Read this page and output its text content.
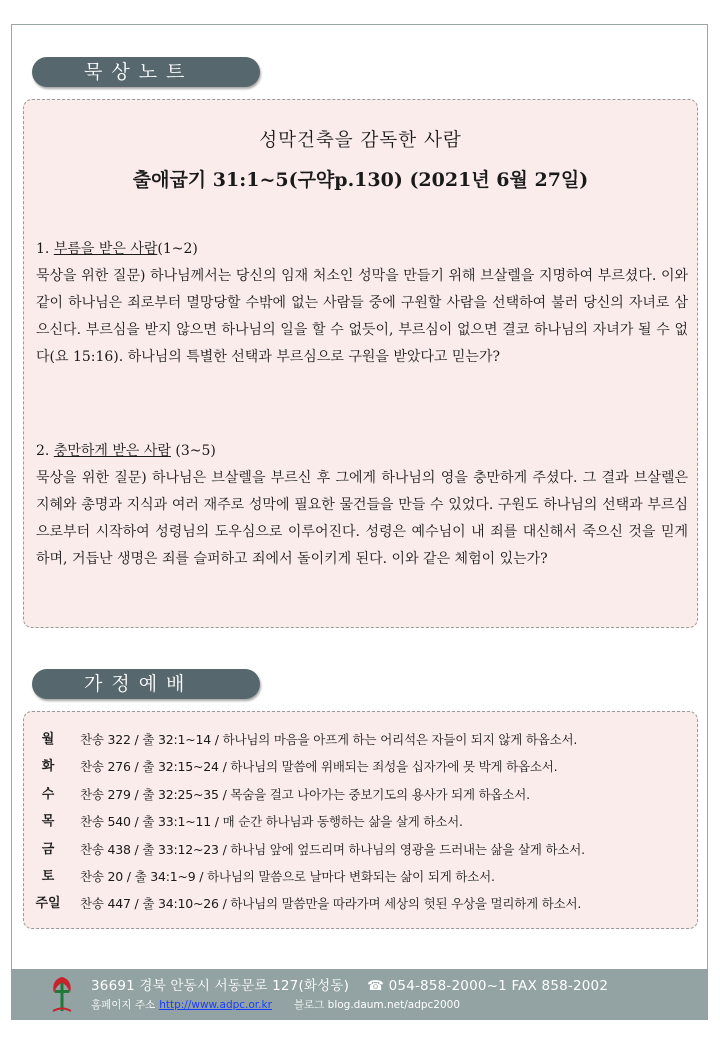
묵상노트
성막건축을 감독한 사람
출애굽기 31:1~5(구약p.130) (2021년 6월 27일)
1. 부름을 받은 사람(1~2)
묵상을 위한 질문) 하나님께서는 당신의 임재 처소인 성막을 만들기 위해 브살렐을 지명하여 부르셨다. 이와 같이 하나님은 죄로부터 멸망당할 수밖에 없는 사람들 중에 구원할 사람을 선택하여 불러 당신의 자녀로 삼으신다. 부르심을 받지 않으면 하나님의 일을 할 수 없듯이, 부르심이 없으면 결코 하나님의 자녀가 될 수 없다(요 15:16). 하나님의 특별한 선택과 부르심으로 구원을 받았다고 믿는가?
2. 충만하게 받은 사람 (3~5)
묵상을 위한 질문) 하나님은 브살렐을 부르신 후 그에게 하나님의 영을 충만하게 주셨다. 그 결과 브살렐은 지혜와 총명과 지식과 여러 재주로 성막에 필요한 물건들을 만들 수 있었다. 구원도 하나님의 선택과 부르심으로부터 시작하여 성령님의 도우심으로 이루어진다. 성령은 예수님이 내 죄를 대신해서 죽으신 것을 믿게 하며, 거듭난 생명은 죄를 슬퍼하고 죄에서 돌이키게 된다. 이와 같은 체험이 있는가?
가정예배
월	찬송 322 / 출 32:1~14 / 하나님의 마음을 아프게 하는 어리석은 자들이 되지 않게 하옵소서.
화	찬송 276 / 출 32:15~24 / 하나님의 말씀에 위배되는 죄성을 십자가에 못 박게 하옵소서.
수	찬송 279 / 출 32:25~35 / 목숨을 걸고 나아가는 중보기도의 용사가 되게 하옵소서.
목	찬송 540 / 출 33:1~11 / 매 순간 하나님과 동행하는 삶을 살게 하소서.
금	찬송 438 / 출 33:12~23 / 하나님 앞에 엎드리며 하나님의 영광을 드러내는 삶을 살게 하소서.
토	찬송 20 / 출 34:1~9 / 하나님의 말씀으로 날마다 변화되는 삶이 되게 하소서.
주일	찬송 447 / 출 34:10~26 / 하나님의 말씀만을 따라가며 세상의 헛된 우상을 멀리하게 하소서.
36691 경북 안동시 서동문로 127(화성동) ☎ 054-858-2000~1 FAX 858-2002
홈페이지 주소 http://www.adpc.or.kr 블로그 blog.daum.net/adpc2000
